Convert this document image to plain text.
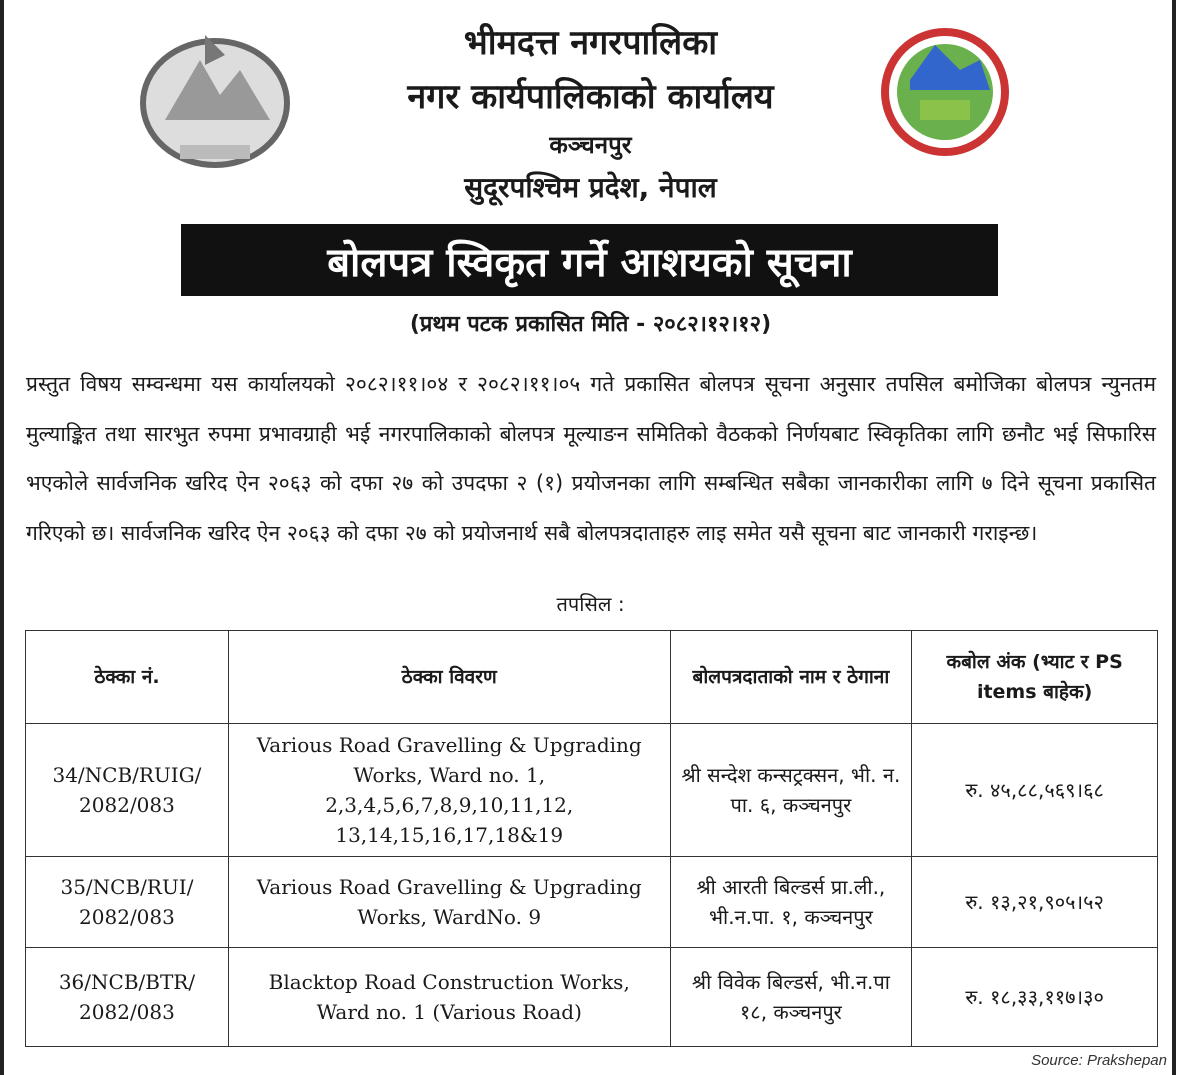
भीमदत्त नगरपालिका
नगर कार्यपालिकाको कार्यालय
कञ्चनपुर
सुदूरपश्चिम प्रदेश, नेपाल
बोलपत्र स्विकृत गर्ने आशयको सूचना
(प्रथम पटक प्रकासित मिति - २०८२।१२।१२)
प्रस्तुत विषय सम्वन्धमा यस कार्यालयको २०८२।११।०४ र २०८२।११।०५ गते प्रकासित बोलपत्र सूचना अनुसार तपसिल बमोजिका बोलपत्र न्युनतम मुल्याङ्कित तथा सारभुत रुपमा प्रभावग्राही भई नगरपालिकाको बोलपत्र मूल्याङन समितिको वैठकको निर्णयबाट स्विकृतिका लागि छनौट भई सिफारिस भएकोले सार्वजनिक खरिद ऐन २०६३ को दफा २७ को उपदफा २ (१) प्रयोजनका लागि सम्बन्धित सबैका जानकारीका लागि ७ दिने सूचना प्रकासित गरिएको छ। सार्वजनिक खरिद ऐन २०६३ को दफा २७ को प्रयोजनार्थ सबै बोलपत्रदाताहरु लाइ समेत यसै सूचना बाट जानकारी गराइन्छ।
तपसिल :
ठेक्का नं.	ठेक्का विवरण	बोलपत्रदाताको नाम र ठेगाना	कबोल अंक (भ्याट र PS items बाहेक)
34/NCB/RUIG/ 2082/083	Various Road Gravelling & Upgrading Works, Ward no. 1, 2,3,4,5,6,7,8,9,10,11,12, 13,14,15,16,17,18&19	श्री सन्देश कन्सट्रक्सन, भी. न. पा. ६, कञ्चनपुर	रु. ४५,८८,५६९।६८
35/NCB/RUI/ 2082/083	Various Road Gravelling & Upgrading Works, WardNo. 9	श्री आरती बिल्डर्स प्रा.ली., भी.न.पा. १, कञ्चनपुर	रु. १३,२१,९०५।५२
36/NCB/BTR/ 2082/083	Blacktop Road Construction Works, Ward no. 1 (Various Road)	श्री विवेक बिल्डर्स, भी.न.पा १८, कञ्चनपुर	रु. १८,३३,११७।३०
Source: Prakshepan
